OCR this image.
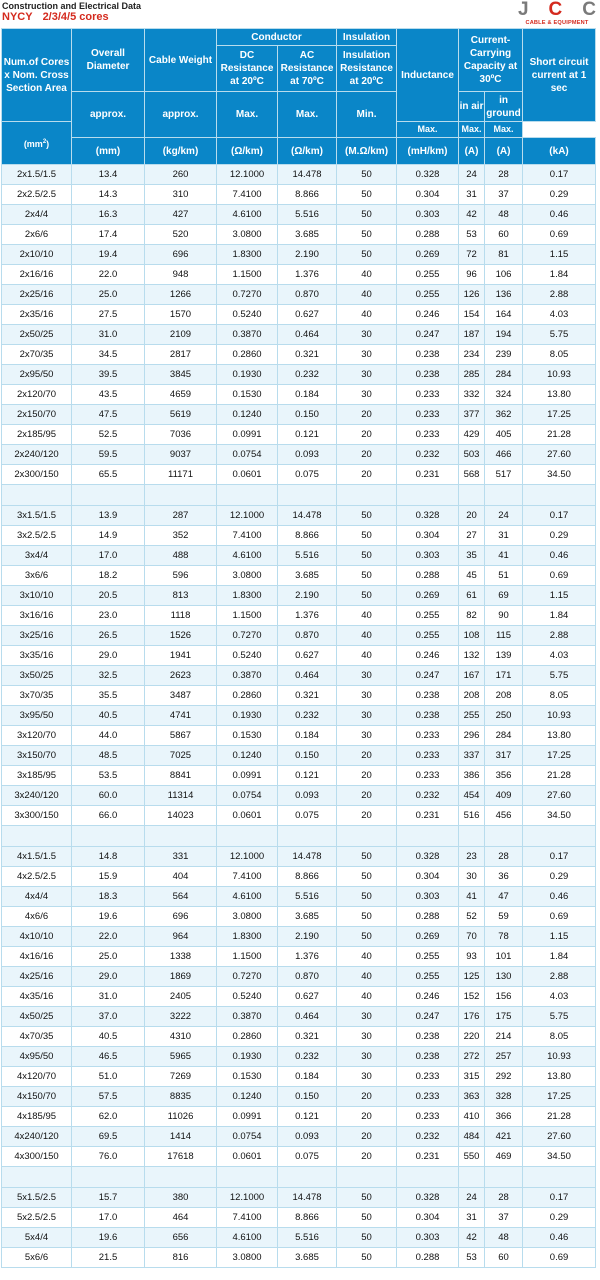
Construction and Electrical Data
NYCY 2/3/4/5 cores	J C C
CABLE & EQUIPMENT
Num.of Cores x Nom. Cross Section Area	Overall Diameter	Cable Weight	Conductor		Insulation	Inductance	Current-Carrying Capacity at 30ºC		Short circuit current at 1 sec
			DC Resistance at 20ºC	AC Resistance at 70ºC	Insulation Resistance at 20ºC				
	approx.	approx.	Max.	Max.	Min.		in air	in ground	
$(mm^2)$						Max.	Max.	Max.	
	(mm)	(kg/km)	(Ω/km)	(Ω/km)	(M.Ω/km)	(mH/km)	(A)	(A)	(kA)
2x1.5/1.5	13.4	260	12.1000	14.478	50	0.328	24	28	0.17
2x2.5/2.5	14.3	310	7.4100	8.866	50	0.304	31	37	0.29
2x4/4	16.3	427	4.6100	5.516	50	0.303	42	48	0.46
2x6/6	17.4	520	3.0800	3.685	50	0.288	53	60	0.69
2x10/10	19.4	696	1.8300	2.190	50	0.269	72	81	1.15
2x16/16	22.0	948	1.1500	1.376	40	0.255	96	106	1.84
2x25/16	25.0	1266	0.7270	0.870	40	0.255	126	136	2.88
2x35/16	27.5	1570	0.5240	0.627	40	0.246	154	164	4.03
2x50/25	31.0	2109	0.3870	0.464	30	0.247	187	194	5.75
2x70/35	34.5	2817	0.2860	0.321	30	0.238	234	239	8.05
2x95/50	39.5	3845	0.1930	0.232	30	0.238	285	284	10.93
2x120/70	43.5	4659	0.1530	0.184	30	0.233	332	324	13.80
2x150/70	47.5	5619	0.1240	0.150	20	0.233	377	362	17.25
2x185/95	52.5	7036	0.0991	0.121	20	0.233	429	405	21.28
2x240/120	59.5	9037	0.0754	0.093	20	0.232	503	466	27.60
2x300/150	65.5	11171	0.0601	0.075	20	0.231	568	517	34.50

3x1.5/1.5	13.9	287	12.1000	14.478	50	0.328	20	24	0.17
3x2.5/2.5	14.9	352	7.4100	8.866	50	0.304	27	31	0.29
3x4/4	17.0	488	4.6100	5.516	50	0.303	35	41	0.46
3x6/6	18.2	596	3.0800	3.685	50	0.288	45	51	0.69
3x10/10	20.5	813	1.8300	2.190	50	0.269	61	69	1.15
3x16/16	23.0	1118	1.1500	1.376	40	0.255	82	90	1.84
3x25/16	26.5	1526	0.7270	0.870	40	0.255	108	115	2.88
3x35/16	29.0	1941	0.5240	0.627	40	0.246	132	139	4.03
3x50/25	32.5	2623	0.3870	0.464	30	0.247	167	171	5.75
3x70/35	35.5	3487	0.2860	0.321	30	0.238	208	208	8.05
3x95/50	40.5	4741	0.1930	0.232	30	0.238	255	250	10.93
3x120/70	44.0	5867	0.1530	0.184	30	0.233	296	284	13.80
3x150/70	48.5	7025	0.1240	0.150	20	0.233	337	317	17.25
3x185/95	53.5	8841	0.0991	0.121	20	0.233	386	356	21.28
3x240/120	60.0	11314	0.0754	0.093	20	0.232	454	409	27.60
3x300/150	66.0	14023	0.0601	0.075	20	0.231	516	456	34.50

4x1.5/1.5	14.8	331	12.1000	14.478	50	0.328	23	28	0.17
4x2.5/2.5	15.9	404	7.4100	8.866	50	0.304	30	36	0.29
4x4/4	18.3	564	4.6100	5.516	50	0.303	41	47	0.46
4x6/6	19.6	696	3.0800	3.685	50	0.288	52	59	0.69
4x10/10	22.0	964	1.8300	2.190	50	0.269	70	78	1.15
4x16/16	25.0	1338	1.1500	1.376	40	0.255	93	101	1.84
4x25/16	29.0	1869	0.7270	0.870	40	0.255	125	130	2.88
4x35/16	31.0	2405	0.5240	0.627	40	0.246	152	156	4.03
4x50/25	37.0	3222	0.3870	0.464	30	0.247	176	175	5.75
4x70/35	40.5	4310	0.2860	0.321	30	0.238	220	214	8.05
4x95/50	46.5	5965	0.1930	0.232	30	0.238	272	257	10.93
4x120/70	51.0	7269	0.1530	0.184	30	0.233	315	292	13.80
4x150/70	57.5	8835	0.1240	0.150	20	0.233	363	328	17.25
4x185/95	62.0	11026	0.0991	0.121	20	0.233	410	366	21.28
4x240/120	69.5	1414	0.0754	0.093	20	0.232	484	421	27.60
4x300/150	76.0	17618	0.0601	0.075	20	0.231	550	469	34.50

5x1.5/2.5	15.7	380	12.1000	14.478	50	0.328	24	28	0.17
5x2.5/2.5	17.0	464	7.4100	8.866	50	0.304	31	37	0.29
5x4/4	19.6	656	4.6100	5.516	50	0.303	42	48	0.46
5x6/6	21.5	816	3.0800	3.685	50	0.288	53	60	0.69
